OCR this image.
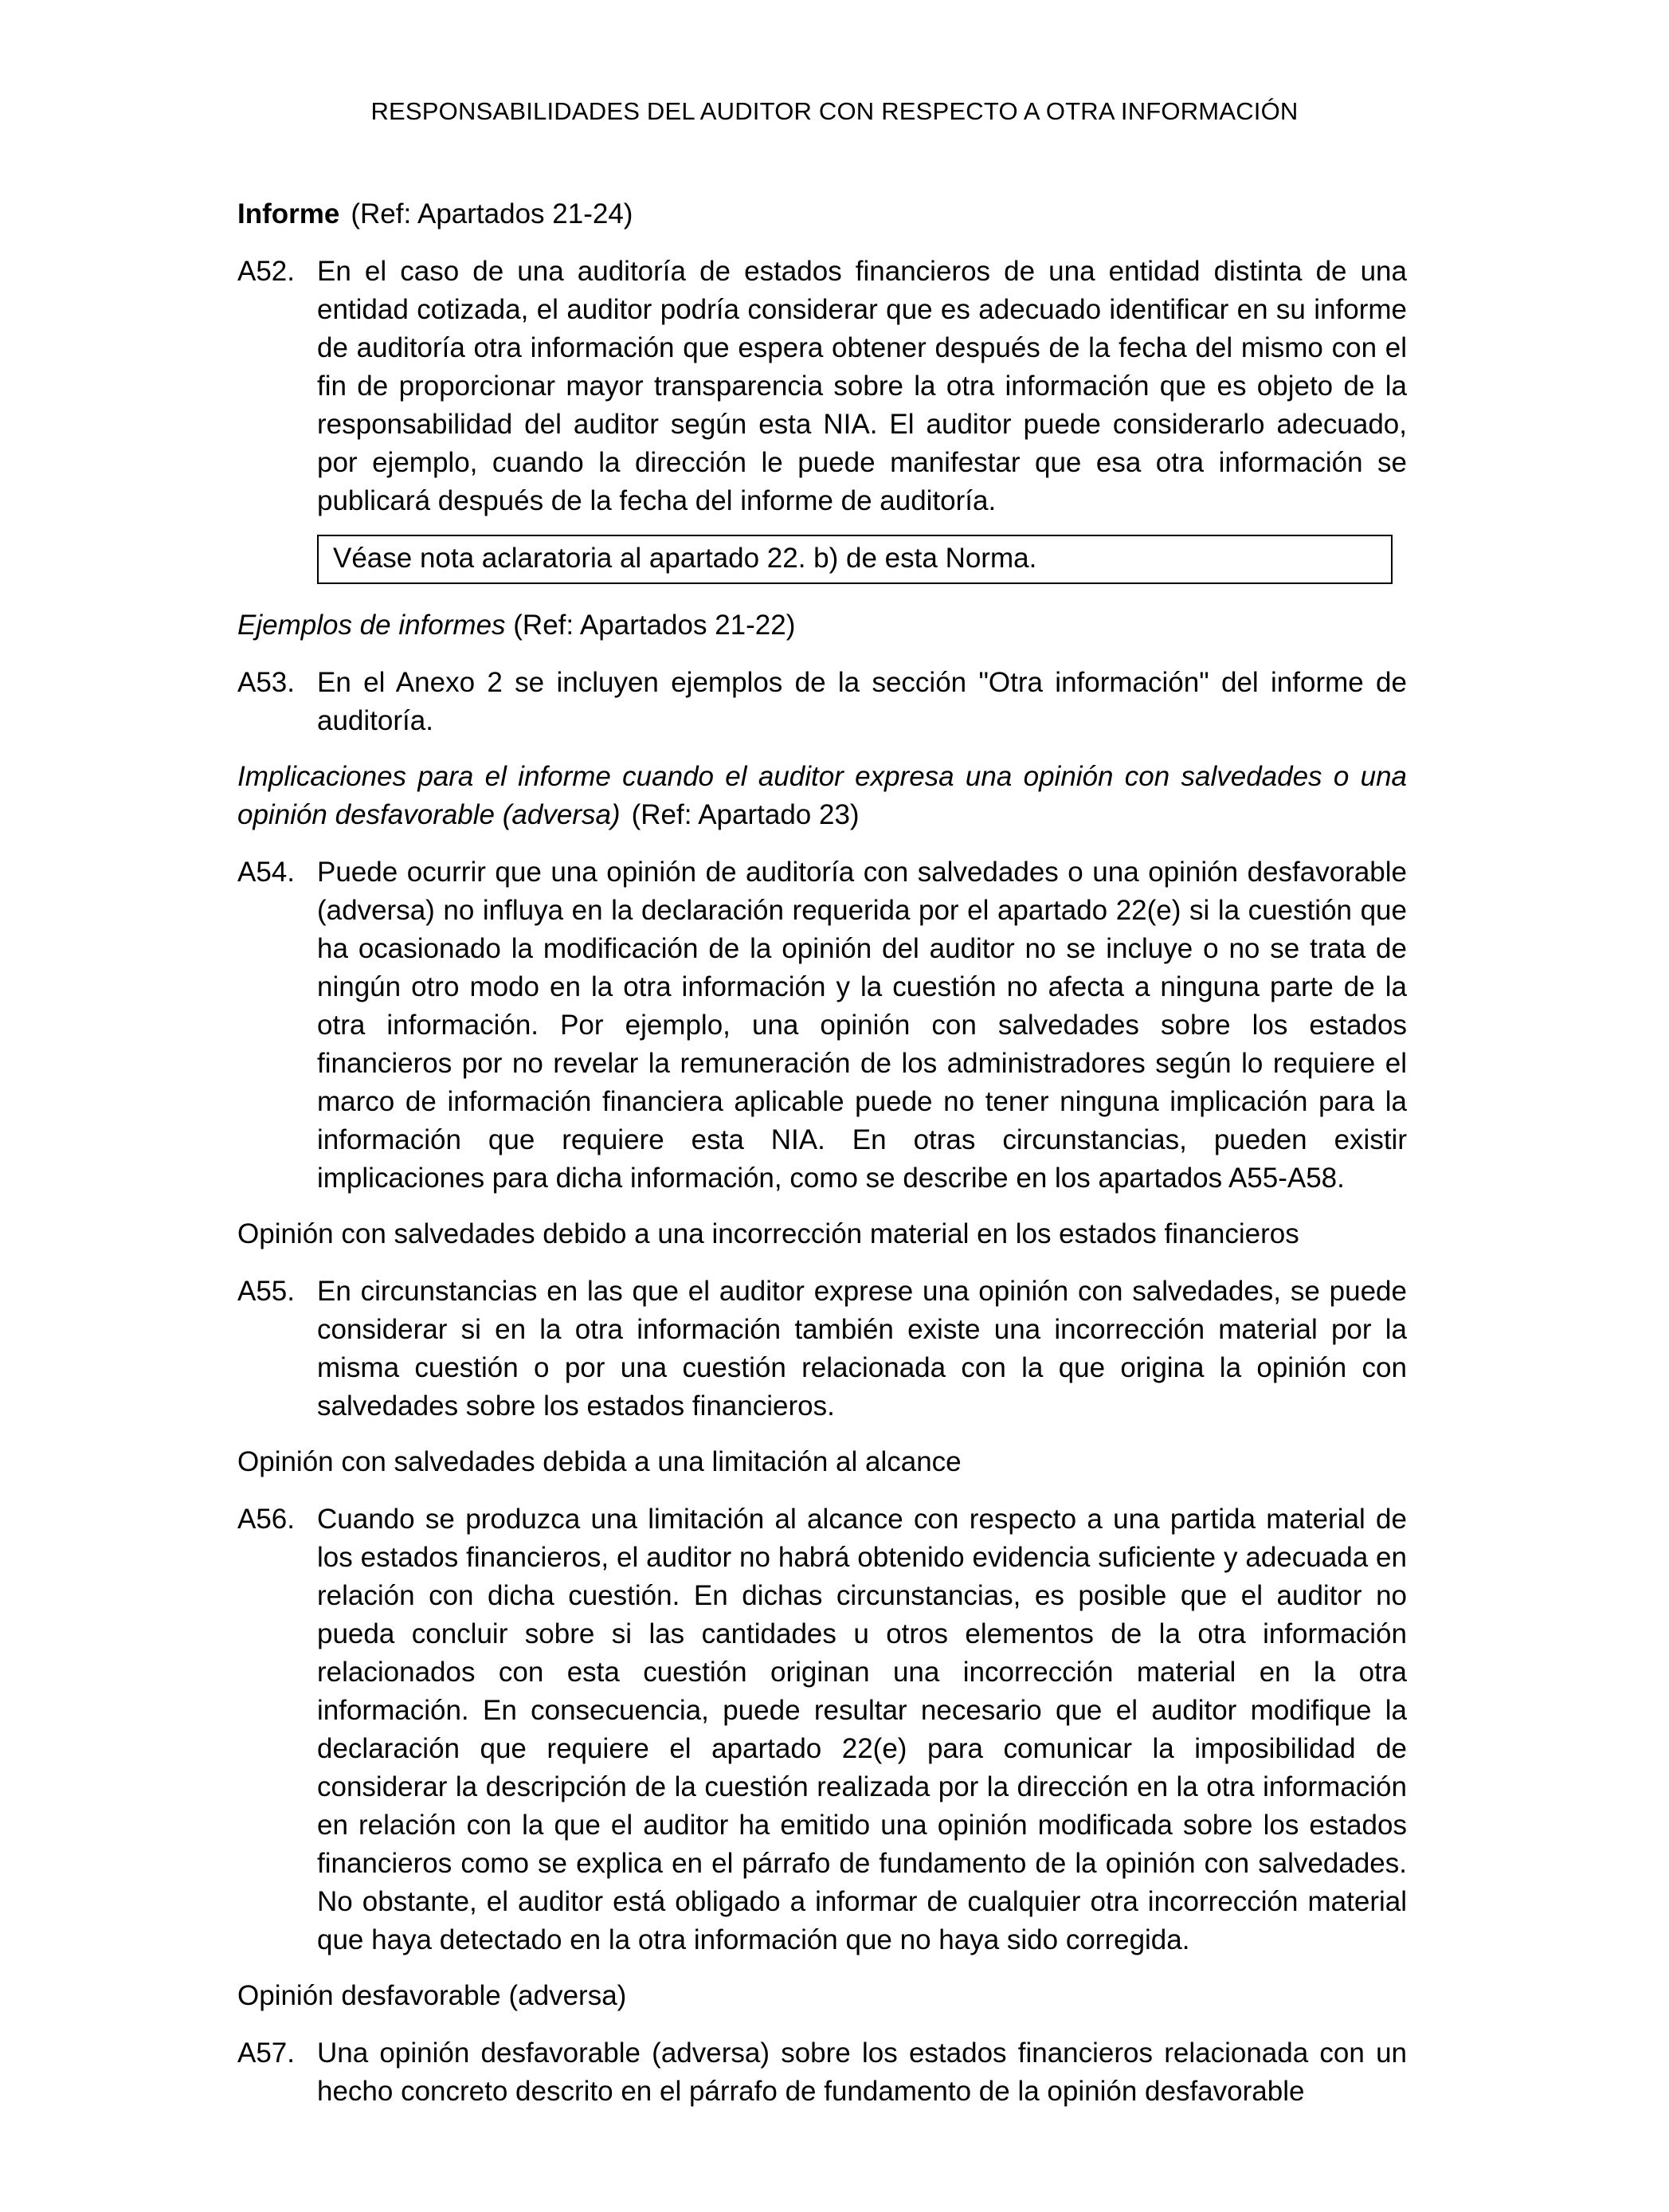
RESPONSABILIDADES DEL AUDITOR CON RESPECTO A OTRA INFORMACIÓN
Informe (Ref: Apartados 21-24)
A52. En el caso de una auditoría de estados financieros de una entidad distinta de una entidad cotizada, el auditor podría considerar que es adecuado identificar en su informe de auditoría otra información que espera obtener después de la fecha del mismo con el fin de proporcionar mayor transparencia sobre la otra información que es objeto de la responsabilidad del auditor según esta NIA. El auditor puede considerarlo adecuado, por ejemplo, cuando la dirección le puede manifestar que esa otra información se publicará después de la fecha del informe de auditoría.
Véase nota aclaratoria al apartado 22. b) de esta Norma.
Ejemplos de informes (Ref: Apartados 21-22)
A53. En el Anexo 2 se incluyen ejemplos de la sección "Otra información" del informe de auditoría.
Implicaciones para el informe cuando el auditor expresa una opinión con salvedades o una opinión desfavorable (adversa) (Ref: Apartado 23)
A54. Puede ocurrir que una opinión de auditoría con salvedades o una opinión desfavorable (adversa) no influya en la declaración requerida por el apartado 22(e) si la cuestión que ha ocasionado la modificación de la opinión del auditor no se incluye o no se trata de ningún otro modo en la otra información y la cuestión no afecta a ninguna parte de la otra información. Por ejemplo, una opinión con salvedades sobre los estados financieros por no revelar la remuneración de los administradores según lo requiere el marco de información financiera aplicable puede no tener ninguna implicación para la información que requiere esta NIA. En otras circunstancias, pueden existir implicaciones para dicha información, como se describe en los apartados A55-A58.
Opinión con salvedades debido a una incorrección material en los estados financieros
A55. En circunstancias en las que el auditor exprese una opinión con salvedades, se puede considerar si en la otra información también existe una incorrección material por la misma cuestión o por una cuestión relacionada con la que origina la opinión con salvedades sobre los estados financieros.
Opinión con salvedades debida a una limitación al alcance
A56. Cuando se produzca una limitación al alcance con respecto a una partida material de los estados financieros, el auditor no habrá obtenido evidencia suficiente y adecuada en relación con dicha cuestión. En dichas circunstancias, es posible que el auditor no pueda concluir sobre si las cantidades u otros elementos de la otra información relacionados con esta cuestión originan una incorrección material en la otra información. En consecuencia, puede resultar necesario que el auditor modifique la declaración que requiere el apartado 22(e) para comunicar la imposibilidad de considerar la descripción de la cuestión realizada por la dirección en la otra información en relación con la que el auditor ha emitido una opinión modificada sobre los estados financieros como se explica en el párrafo de fundamento de la opinión con salvedades. No obstante, el auditor está obligado a informar de cualquier otra incorrección material que haya detectado en la otra información que no haya sido corregida.
Opinión desfavorable (adversa)
A57. Una opinión desfavorable (adversa) sobre los estados financieros relacionada con un hecho concreto descrito en el párrafo de fundamento de la opinión desfavorable
